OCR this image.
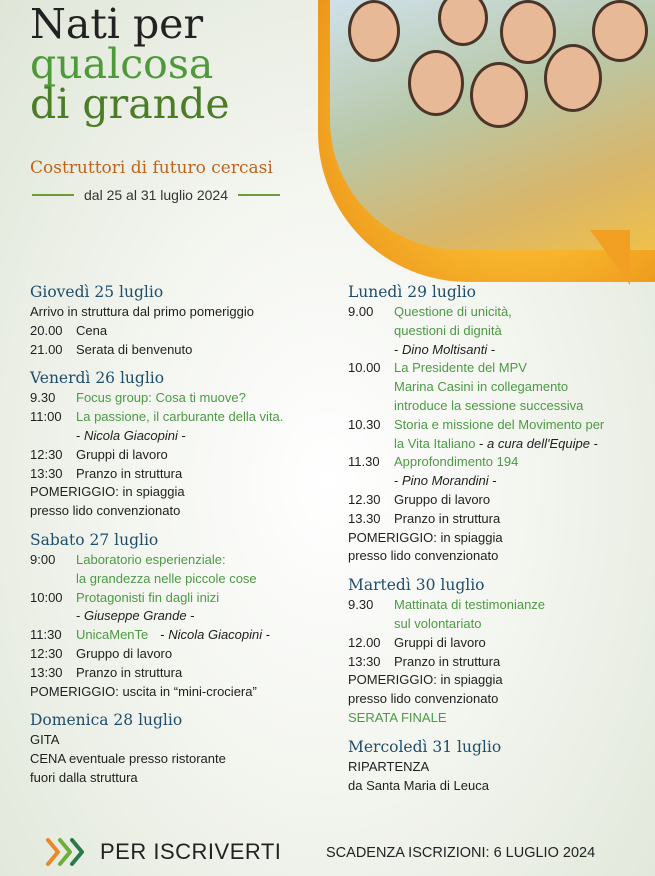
Nati per
qualcosa
di grande

Costruttori di futuro cercasi

dal 25 al 31 luglio 2024
Giovedì 25 luglio
Arrivo in struttura dal primo pomeriggio
20.00	Cena
21.00	Serata di benvenuto
Venerdì 26 luglio
9.30	Focus group: Cosa ti muove?
11:00	La passione, il carburante della vita.
- Nicola Giacopini -
12:30	Gruppi di lavoro
13:30	Pranzo in struttura
POMERIGGIO: in spiaggia
presso lido convenzionato
Sabato 27 luglio
9:00	Laboratorio esperienziale:
la grandezza nelle piccole cose
10:00	Protagonisti fin dagli inizi
- Giuseppe Grande -
11:30	UnicaMenTe - Nicola Giacopini -
12:30	Gruppo di lavoro
13:30	Pranzo in struttura
POMERIGGIO: uscita in “mini-crociera”
Domenica 28 luglio
GITA
CENA eventuale presso ristorante
fuori dalla struttura
Lunedì 29 luglio
9.00	Questione di unicità,
questioni di dignità
- Dino Moltisanti -
10.00	La Presidente del MPV
Marina Casini in collegamento
introduce la sessione successiva
10.30	Storia e missione del Movimento per
la Vita Italiano - a cura dell'Equipe -
11.30	Approfondimento 194
- Pino Morandini -
12.30	Gruppo di lavoro
13.30	Pranzo in struttura
POMERIGGIO: in spiaggia
presso lido convenzionato
Martedì 30 luglio
9.30	Mattinata di testimonianze
sul volontariato
12.00	Gruppi di lavoro
13:30	Pranzo in struttura
POMERIGGIO: in spiaggia
presso lido convenzionato
SERATA FINALE
Mercoledì 31 luglio
RIPARTENZA
da Santa Maria di Leuca
PER ISCRIVERTI	SCADENZA ISCRIZIONI: 6 LUGLIO 2024
